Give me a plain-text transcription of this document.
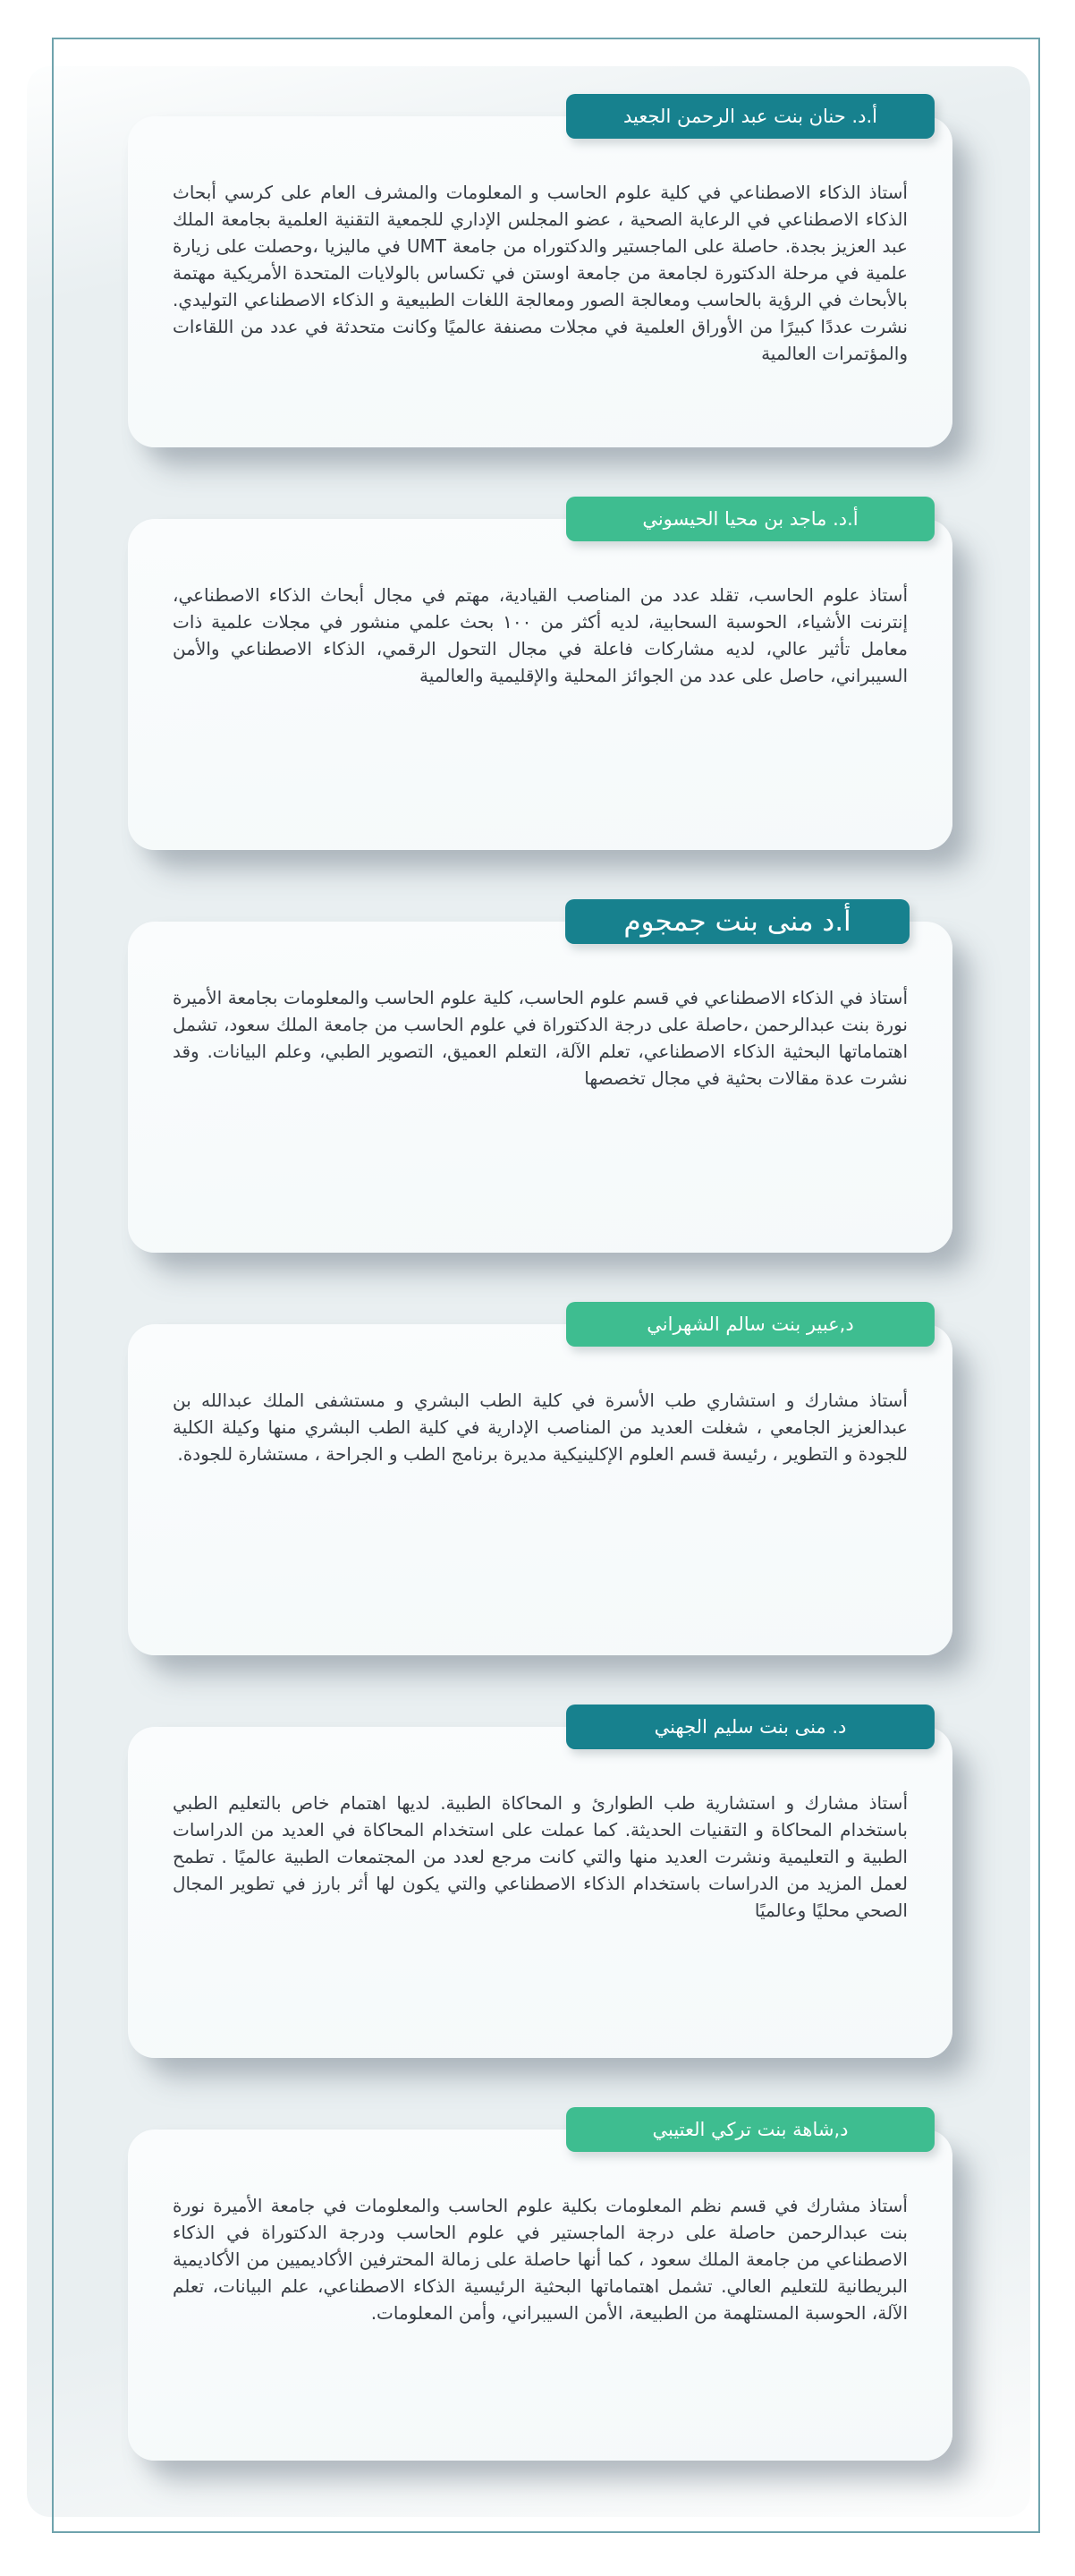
أ.د. حنان بنت عبد الرحمن الجعيد

أستاذ الذكاء الاصطناعي في كلية علوم الحاسب و المعلومات والمشرف العام على كرسي أبحاث الذكاء الاصطناعي في الرعاية الصحية ، عضو المجلس الإداري للجمعية التقنية العلمية بجامعة الملك عبد العزيز بجدة. حاصلة على الماجستير والدكتوراه من جامعة UMT في ماليزيا ،وحصلت على زيارة علمية في مرحلة الدكتورة لجامعة من جامعة اوستن في تكساس بالولايات المتحدة الأمريكية مهتمة بالأبحاث في الرؤية بالحاسب ومعالجة الصور ومعالجة اللغات الطبيعية و الذكاء الاصطناعي التوليدي. نشرت عددًا كبيرًا من الأوراق العلمية في مجلات مصنفة عالميًا وكانت متحدثة في عدد من اللقاءات والمؤتمرات العالمية

أ.د. ماجد بن محيا الحيسوني

أستاذ علوم الحاسب، تقلد عدد من المناصب القيادية، مهتم في مجال أبحاث الذكاء الاصطناعي، إنترنت الأشياء، الحوسبة السحابية، لديه أكثر من ١٠٠ بحث علمي منشور في مجلات علمية ذات معامل تأثير عالي، لديه مشاركات فاعلة في مجال التحول الرقمي، الذكاء الاصطناعي والأمن السيبراني، حاصل على عدد من الجوائز المحلية والإقليمية والعالمية

أ.د منى بنت جمجوم

أستاذ في الذكاء الاصطناعي في قسم علوم الحاسب، كلية علوم الحاسب والمعلومات بجامعة الأميرة نورة بنت عبدالرحمن ،حاصلة على درجة الدكتوراة في علوم الحاسب من جامعة الملك سعود، تشمل اهتماماتها البحثية الذكاء الاصطناعي، تعلم الآلة، التعلم العميق، التصوير الطبي، وعلم البيانات. وقد نشرت عدة مقالات بحثية في مجال تخصصها

د,عبير بنت سالم الشهراني

أستاذ مشارك و استشاري طب الأسرة في كلية الطب البشري و مستشفى الملك عبدالله بن عبدالعزيز الجامعي ، شغلت العديد من المناصب الإدارية في كلية الطب البشري منها وكيلة الكلية للجودة و التطوير ، رئيسة قسم العلوم الإكلينيكية مديرة برنامج الطب و الجراحة ، مستشارة للجودة.

د. منى بنت سليم الجهني

أستاذ مشارك و استشارية طب الطوارئ و المحاكاة الطبية. لديها اهتمام خاص بالتعليم الطبي باستخدام المحاكاة و التقنيات الحديثة. كما عملت على استخدام المحاكاة في العديد من الدراسات الطبية و التعليمية ونشرت العديد منها والتي كانت مرجع لعدد من المجتمعات الطبية عالميًا . تطمح لعمل المزيد من الدراسات باستخدام الذكاء الاصطناعي والتي يكون لها أثر بارز في تطوير المجال الصحي محليًا وعالميًا

د,شاهة بنت تركي العتيبي

أستاذ مشارك في قسم نظم المعلومات بكلية علوم الحاسب والمعلومات في جامعة الأميرة نورة بنت عبدالرحمن حاصلة على درجة الماجستير في علوم الحاسب ودرجة الدكتوراة في الذكاء الاصطناعي من جامعة الملك سعود ، كما أنها حاصلة على زمالة المحترفين الأكاديميين من الأكاديمية البريطانية للتعليم العالي. تشمل اهتماماتها البحثية الرئيسية الذكاء الاصطناعي، علم البيانات، تعلم الآلة، الحوسبة المستلهمة من الطبيعة، الأمن السيبراني، وأمن المعلومات.
